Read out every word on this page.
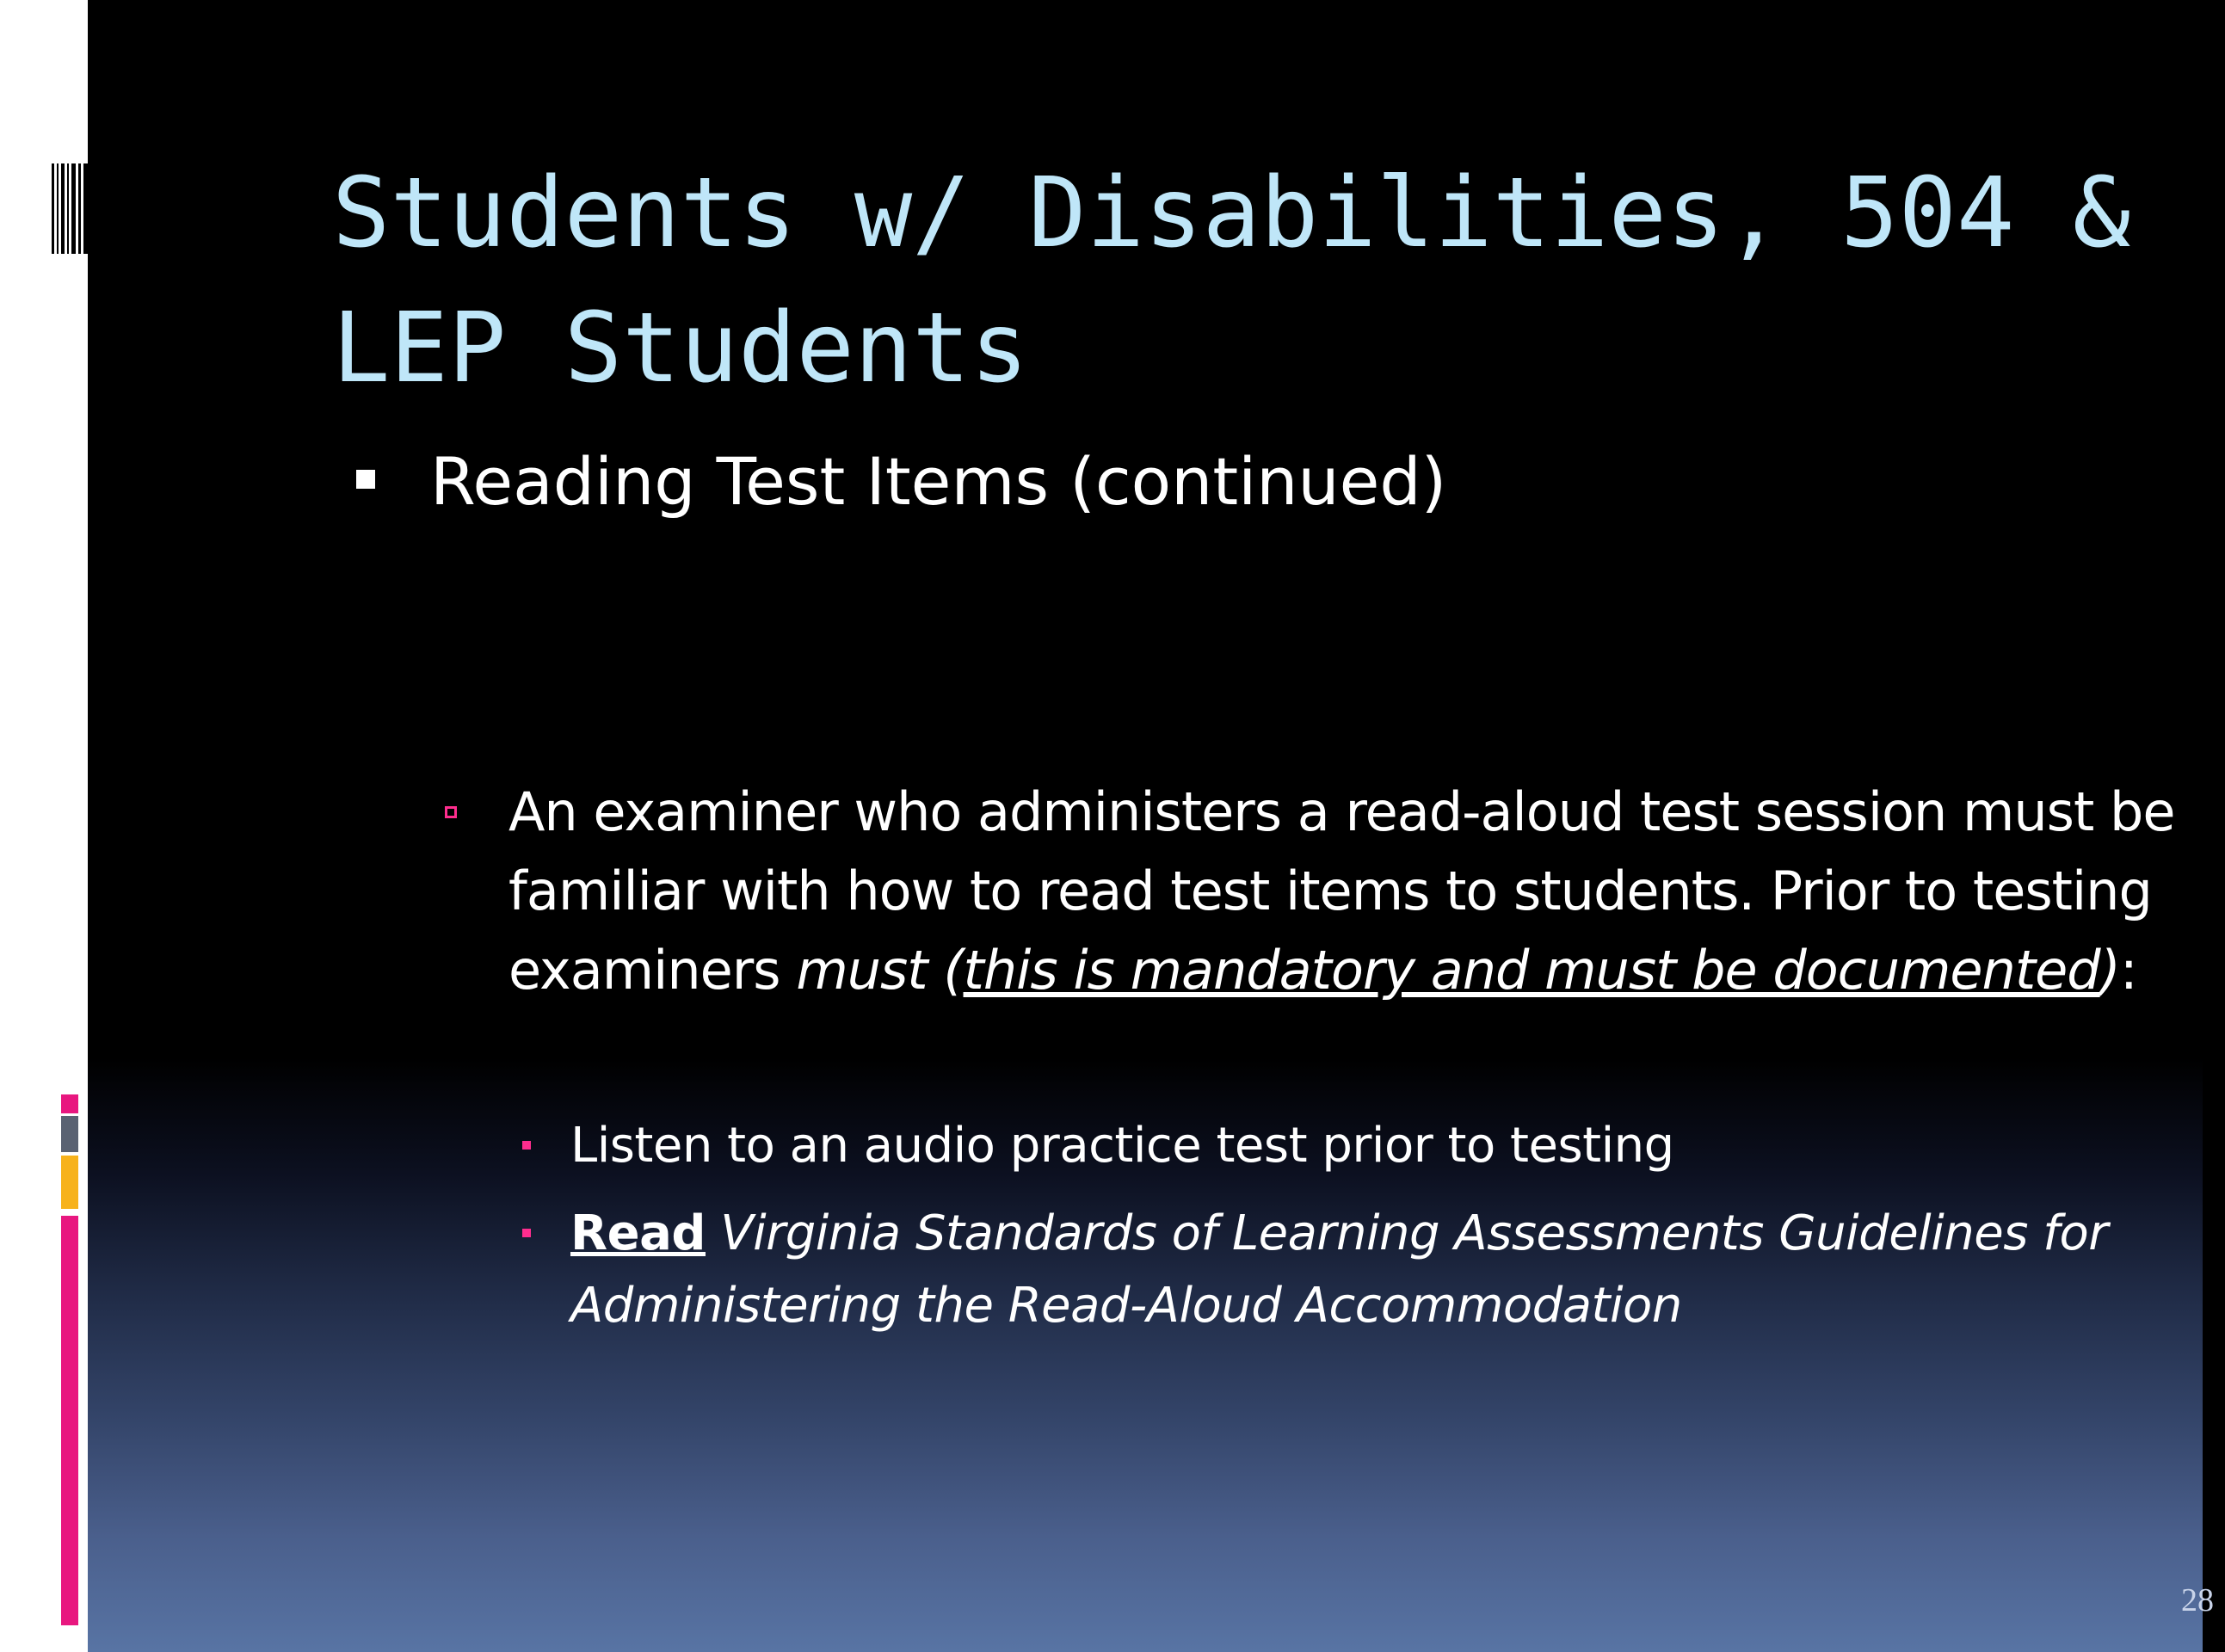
Students w/ Disabilities, 504 & LEP Students
Reading Test Items (continued)
An examiner who administers a read-aloud test session must be familiar with how to read test items to students. Prior to testing examiners must (this is mandatory and must be documented):
Listen to an audio practice test prior to testing
Read Virginia Standards of Learning Assessments Guidelines for Administering the Read-Aloud Accommodation
28
